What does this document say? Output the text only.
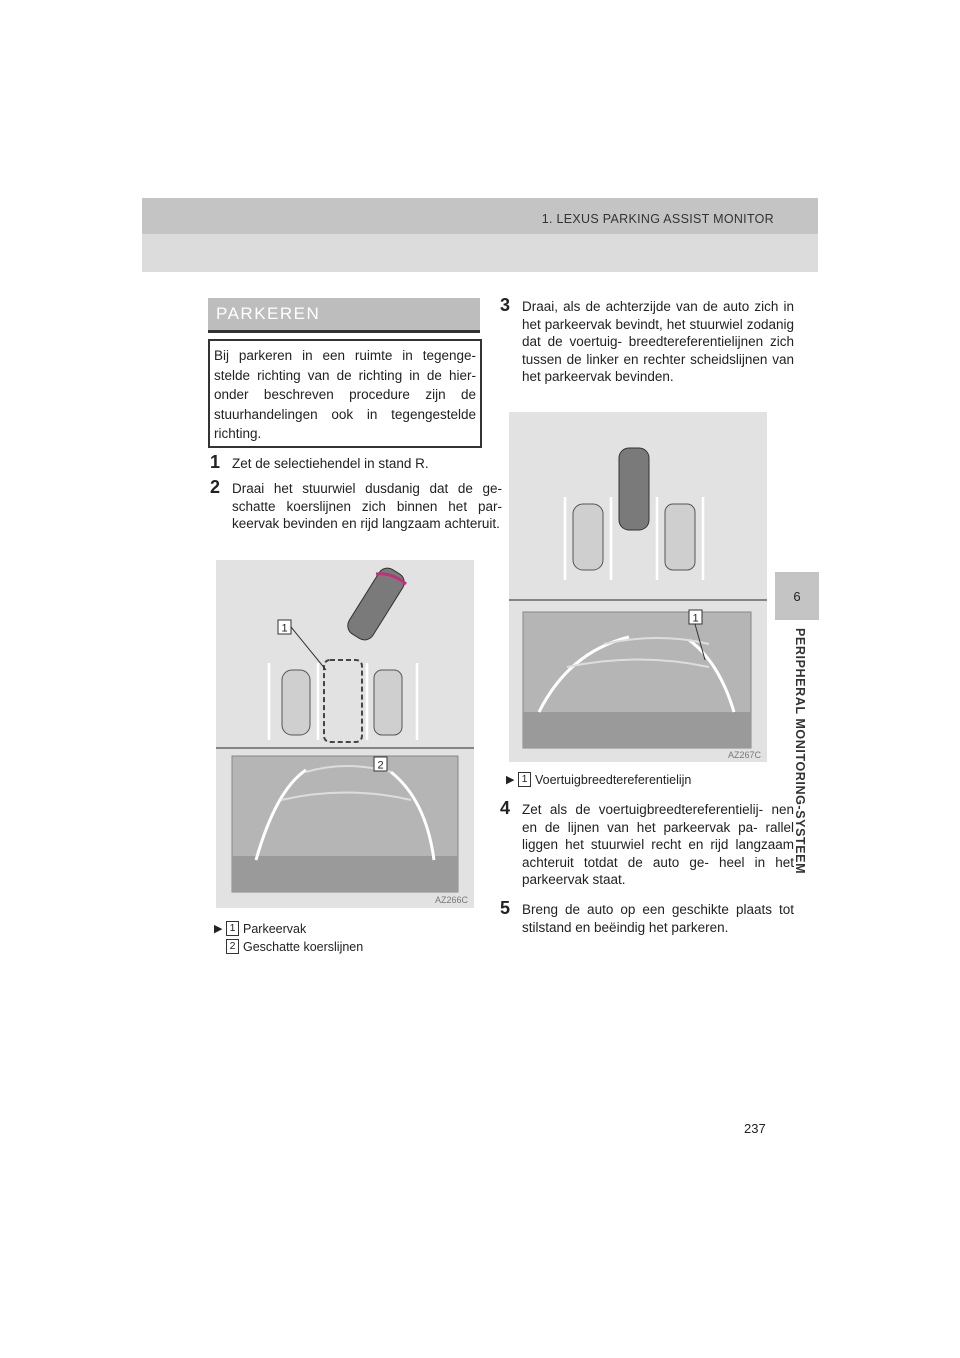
1. LEXUS PARKING ASSIST MONITOR
6
PERIPHERAL MONITORING-SYSTEEM
PARKEREN
Bij parkeren in een ruimte in tegenge- stelde richting van de richting in de hier- onder beschreven procedure zijn de stuurhandelingen ook in tegengestelde richting.
1 Zet de selectiehendel in stand R.
2 Draai het stuurwiel dusdanig dat de ge- schatte koerslijnen zich binnen het par- keervak bevinden en rijd langzaam achteruit.
1
2
AZ266C
▶ 1 Parkeervak
2 Geschatte koerslijnen
3 Draai, als de achterzijde van de auto zich in het parkeervak bevindt, het stuurwiel zodanig dat de voertuig- breedtereferentielijnen zich tussen de linker en rechter scheidslijnen van het parkeervak bevinden.
1
AZ267C
▶ 1 Voertuigbreedtereferentielijn
4 Zet als de voertuigbreedtereferentielij- nen en de lijnen van het parkeervak pa- rallel liggen het stuurwiel recht en rijd langzaam achteruit totdat de auto ge- heel in het parkeervak staat.
5 Breng de auto op een geschikte plaats tot stilstand en beëindig het parkeren.
237
